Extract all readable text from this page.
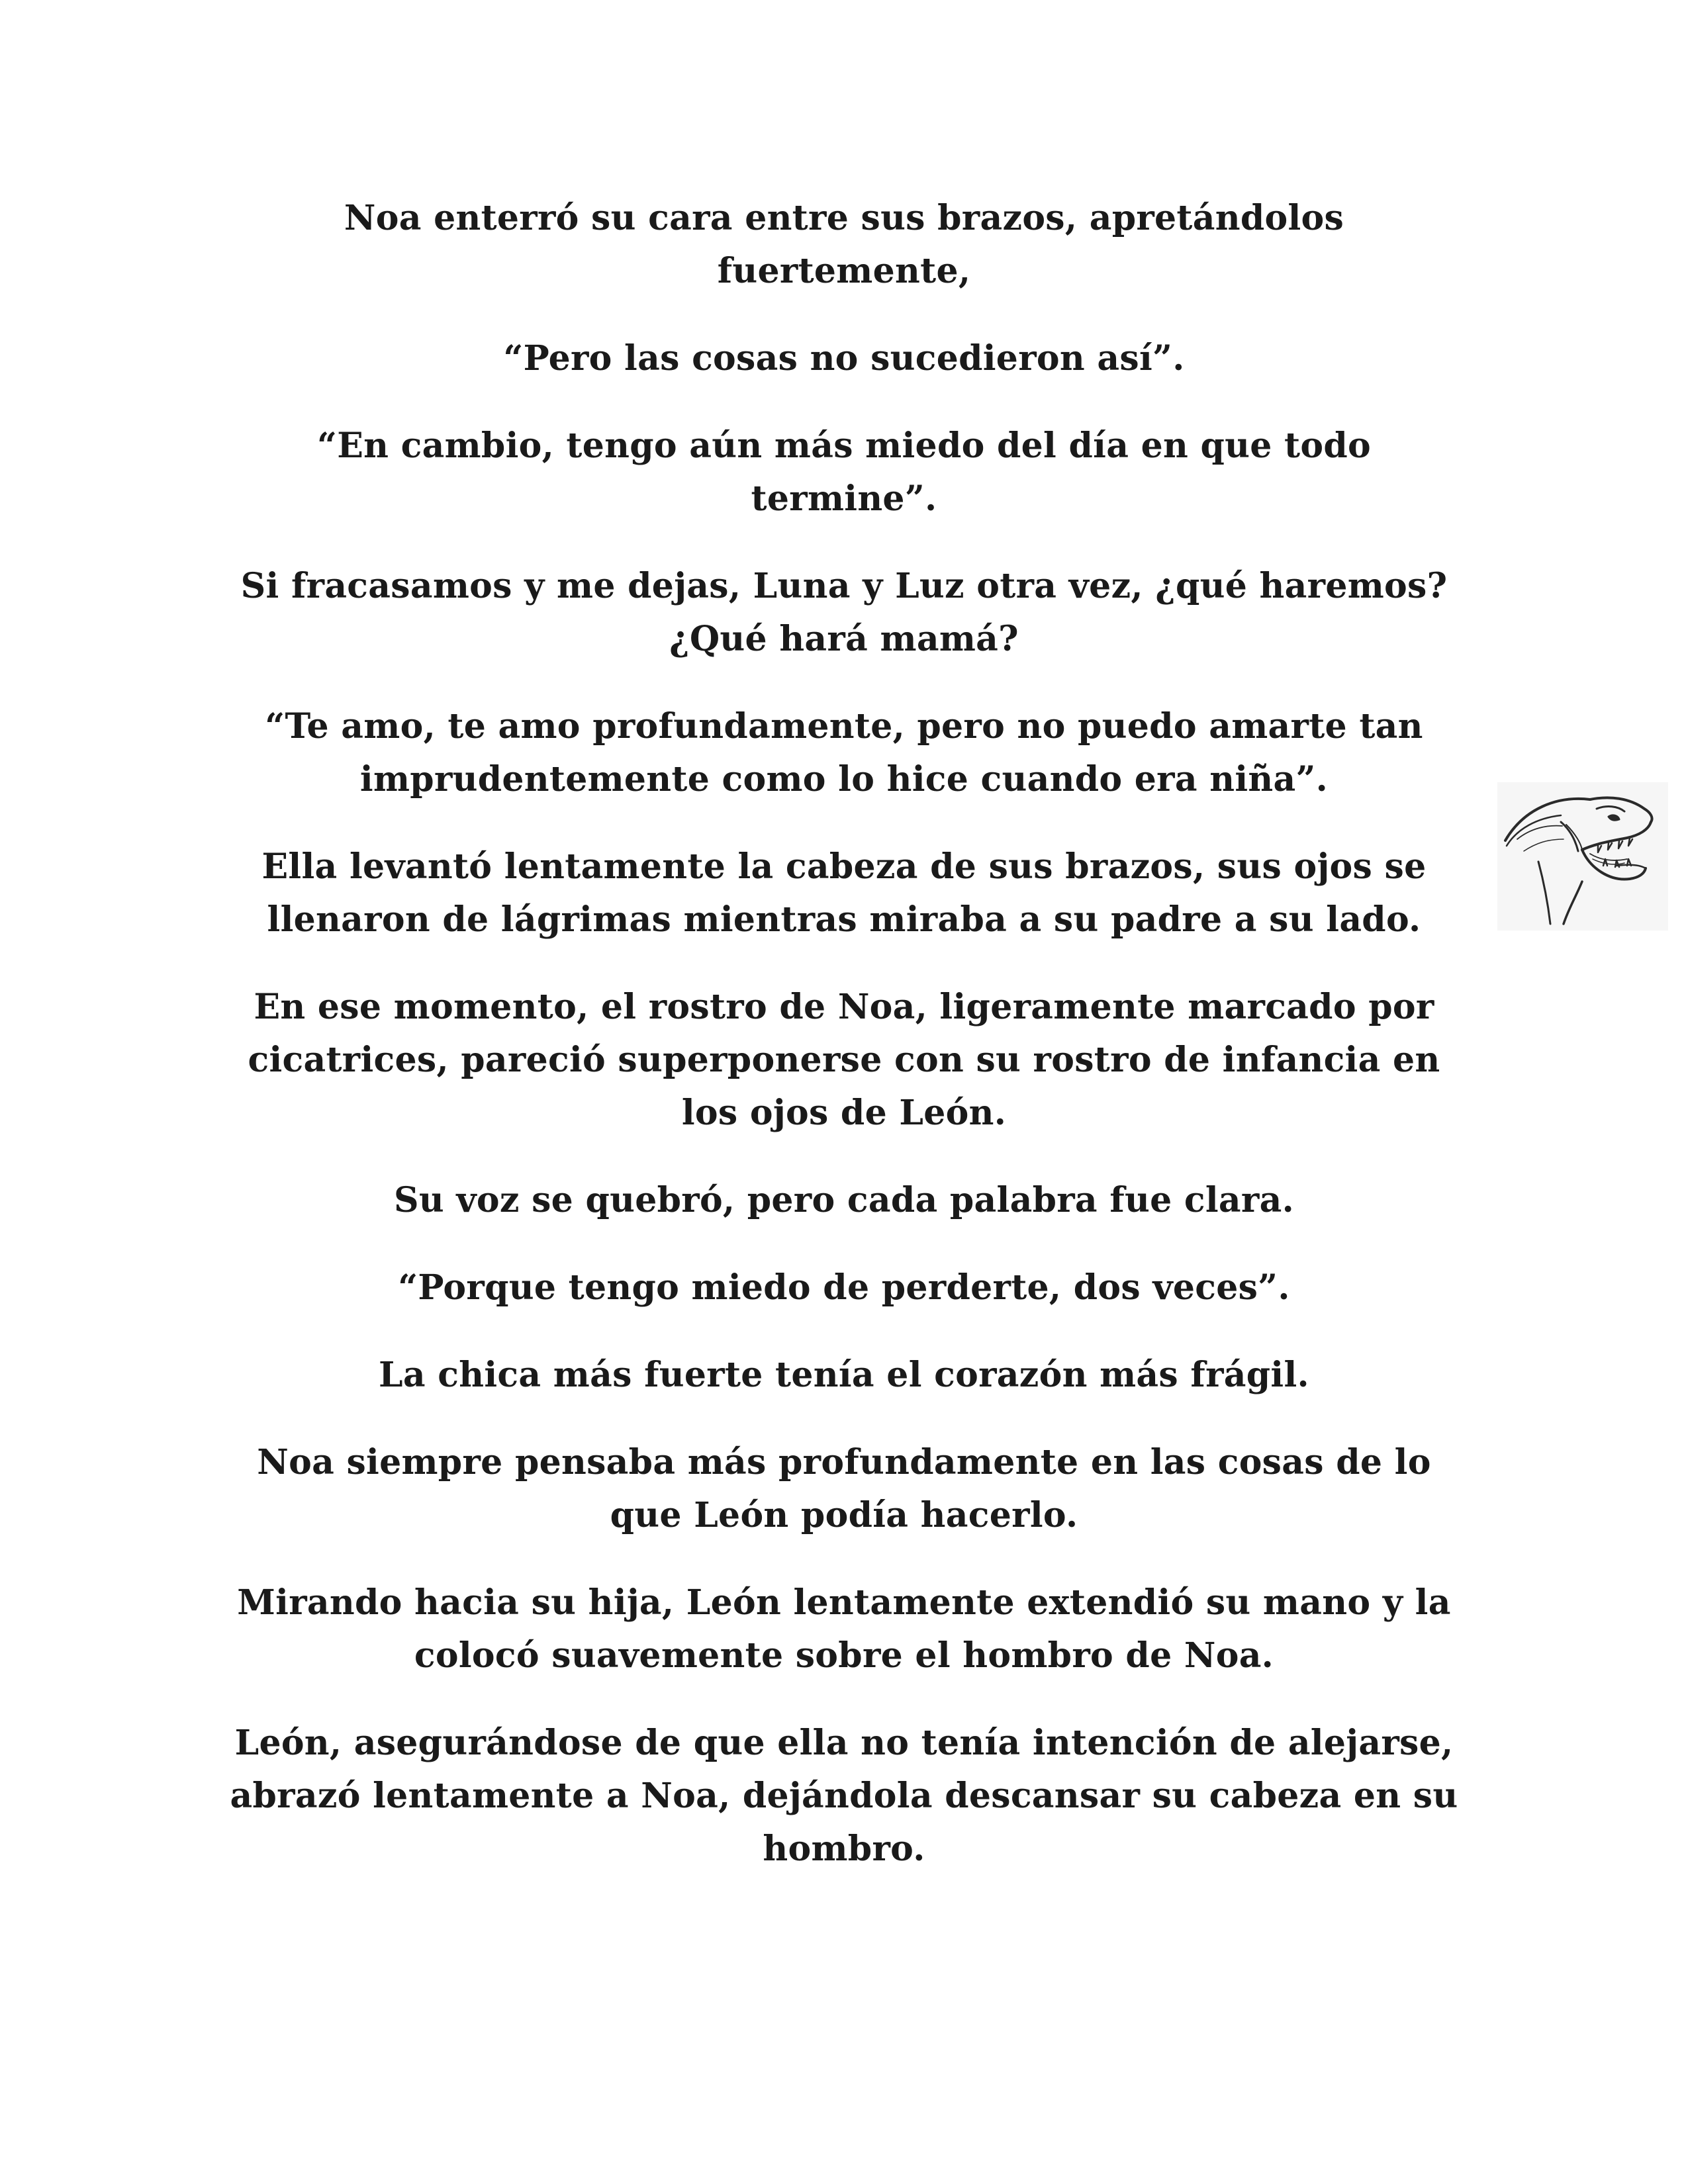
Noa enterró su cara entre sus brazos, apretándolos fuertemente,

“Pero las cosas no sucedieron así”.

“En cambio, tengo aún más miedo del día en que todo termine”.

Si fracasamos y me dejas, Luna y Luz otra vez, ¿qué haremos? ¿Qué hará mamá?

“Te amo, te amo profundamente, pero no puedo amarte tan imprudentemente como lo hice cuando era niña”.

Ella levantó lentamente la cabeza de sus brazos, sus ojos se llenaron de lágrimas mientras miraba a su padre a su lado.

En ese momento, el rostro de Noa, ligeramente marcado por cicatrices, pareció superponerse con su rostro de infancia en los ojos de León.

Su voz se quebró, pero cada palabra fue clara.

“Porque tengo miedo de perderte, dos veces”.

La chica más fuerte tenía el corazón más frágil.

Noa siempre pensaba más profundamente en las cosas de lo que León podía hacerlo.

Mirando hacia su hija, León lentamente extendió su mano y la colocó suavemente sobre el hombro de Noa.

León, asegurándose de que ella no tenía intención de alejarse, abrazó lentamente a Noa, dejándola descansar su cabeza en su hombro.
